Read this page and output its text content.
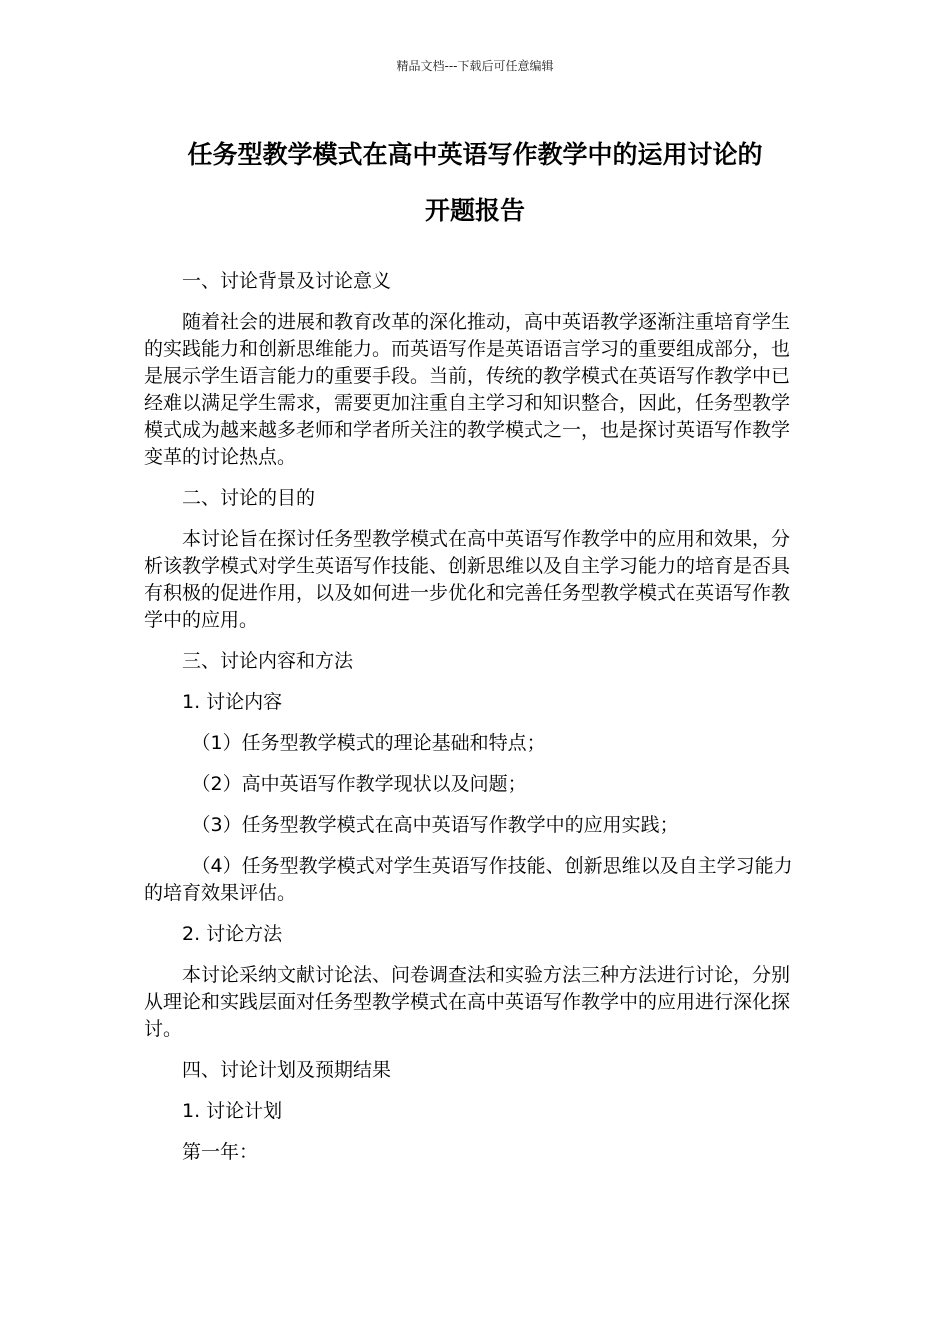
精品文档---下载后可任意编辑
任务型教学模式在高中英语写作教学中的运用讨论的
开题报告

一、讨论背景及讨论意义

随着社会的进展和教育改革的深化推动，高中英语教学逐渐注重培育学生的实践能力和创新思维能力。而英语写作是英语语言学习的重要组成部分，也是展示学生语言能力的重要手段。当前，传统的教学模式在英语写作教学中已经难以满足学生需求，需要更加注重自主学习和知识整合，因此，任务型教学模式成为越来越多老师和学者所关注的教学模式之一，也是探讨英语写作教学变革的讨论热点。

二、讨论的目的

本讨论旨在探讨任务型教学模式在高中英语写作教学中的应用和效果，分析该教学模式对学生英语写作技能、创新思维以及自主学习能力的培育是否具有积极的促进作用，以及如何进一步优化和完善任务型教学模式在英语写作教学中的应用。

三、讨论内容和方法

1. 讨论内容

（1）任务型教学模式的理论基础和特点；

（2）高中英语写作教学现状以及问题；

（3）任务型教学模式在高中英语写作教学中的应用实践；

（4）任务型教学模式对学生英语写作技能、创新思维以及自主学习能力的培育效果评估。

2. 讨论方法

本讨论采纳文献讨论法、问卷调查法和实验方法三种方法进行讨论，分别从理论和实践层面对任务型教学模式在高中英语写作教学中的应用进行深化探讨。

四、讨论计划及预期结果

1. 讨论计划

第一年：
